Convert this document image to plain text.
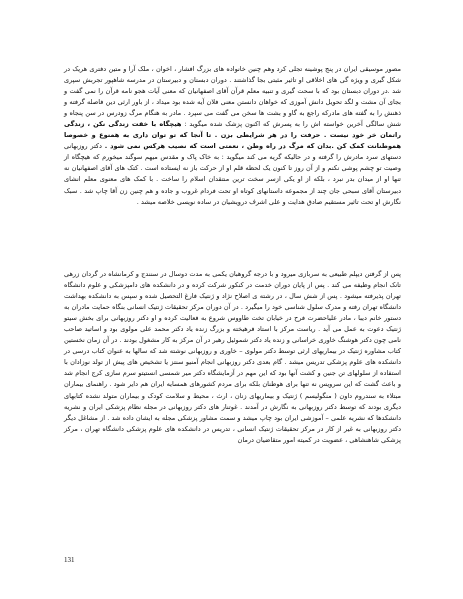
مصور موسیقی ایران در پنج پوشینه تجلی کرد وهم چنین خانواده های بزرگ افشار ، اخوان ، ملک آرا و متین دفتری هریک در شکل گیری و ویژه گی های اخلاقی او تاثیر مثبتی بجا گذاشتند . دوران دبستان و دبیرستان در مدرسه شاهپور تجربش سپری شد .در دوران دبستان بود که با سحت گیری و تنبیه معلم قرآن آقای اصفهانیان که معنی آیات هجو نامه قرآن را نمی گفت و بجای آن مشت و لگد تحویل دانش آموزی که خواهان دانستن معنی فلان آیه شده بود میداد ، از باور ارثی دین فاصله گرفته و ذهنش را به گفته های مادرکه راجع به گاو و بشت ها سخن می گفت می سپرد . مادر به هنگام مرگ زودرس در سن پنجاه و شش سالگی آخرین خواسته اش را به پسرش که اکنون پزشک شده میگوید : هیچگاه با خفت زندگی نکن ، زندگی راتمان خر خود نیست . حرفت را در هر شرایطی بزن . تا آنجا که تو توان داری به همنوع و خصوصا هموطنانت کمک کن .بدان که مرگ در راه وطن ، نعمتی است که نصیب هرکس نمی شود . دکتر روزبهانی دستهای سرد مادرش را گرفته و در حالیکه گریه می کند میگوید : به خاک پاک و مقدس میهم سوگند میخورم که هیچگاه از وصیت تو چشم پوشی نکنم و از آن روز تا کنون یک لحظه قلم او از حرکت باز نه ایستاده است . کتک های آقای اصفهانیان نه تنها او از میدان بدر نبرد ، بلکه از او یکی ازسر سخت ترین منتقدان اسلام را ساخت . با کمک های معنوی معلم انشای دبیرستان آقای سبحی جان چند از مجموعه داستانهای کوتاه او تحت فردام غروب و جاده و هم چنین زن آقا چاپ شد . سبک نگارش او تحت تاثیر مستقیم صادق هدایت و علی اشرف درویشیان در ساده نویسی خلاصه میشد .
پس از گرفتن دیپلم طبیعی به سربازی میرود و با درجه گروهبان یکمی به مدت دوسال در سنندج و کرمانشاه در گردان زرهی تانک انجام وظیفه می کند . پس از پایان دوران خدمت در کنکور شرکت کرده و در دانشکده های دامپزشکی و علوم دانشگاه تهران پذیرفته میشود . پس از شش سال ، در رشته ی اصلاح نژاد و ژنتیک فارغ التحصیل شده و سپس به دانشکده بهداشت دانشگاه تهران رفته و مدرک سلول شناسی خود را میگیرد . در آن دوران مرکز تحقیقات ژنتیک انسانی بنگاه حمایت مادران به دستور خانم دیبا ، مادر علیاحضرت فرح در خیابان تخت طاووس شروع به فعالیت کرده و او دکتر روزبهانی برای بخش سیتو ژنتیک دعوت به عمل می آید . ریاست مرکز با استاد فرهیخته و بزرگ زنده یاد دکتر محمد علی مولوی بود و اساتید صاحب نامی چون دکتر هوشنگ خاوری خراسانی و زنده یاد دکتر شموئیل رهبر در آن مرکز به کار مشغول بودند . در آن زمان نخستین کتاب مشاوره ژنتیک در بیماریهای ارثی توسط دکتر مولوی – خاوری و روزبهانی نوشته شد که سالها به عنوان کتاب درسی در دانشکده های علوم پزشکی تدریس میشد . گام بعدی دکتر روزبهانی انجام آمنیو سنتز یا تشخیص های پیش از تولد نوزادان با استفاده از سلولهای تن جنین و کشت آنها بود که این مهم در آزمایشگاه دکتر میر شمسی انستیتو سرم سازی کرج انجام شد و باعث گشت که این سرویس نه تنها برای هوطنان بلکه برای مردم کشورهای همسایه ایران هم دایر شود . راهنمای بیماران مبتلاء به سندروم داون ( منگولیسم ) ژنتیک و بیماریهای زنان ، ارث ، محیط و سلامت کودک و بیماران متولد نشده کتابهای دیگری بودند که توسط دکتر روزبهانی به نگارش در آمدند . غوتنار های دکتر روزبهانی در مجله نظام پزشکی ایران و نشریه دانشکدها که نشریه علمی – آموزشی ایران بود چاپ میشد و سمت مشاور پزشکی مجله به ایشان داده شد . از مشاغل دیگر دکتر روزبهانی به غیر از کار در مرکز تحقیقات ژنتیک انسانی ، تدریس در دانشکده های علوم پزشکی دانشگاه تهران ، مرکز پزشکی شاهنشاهی ، عضویت در کمیته امور متقاضیان درمان
131
